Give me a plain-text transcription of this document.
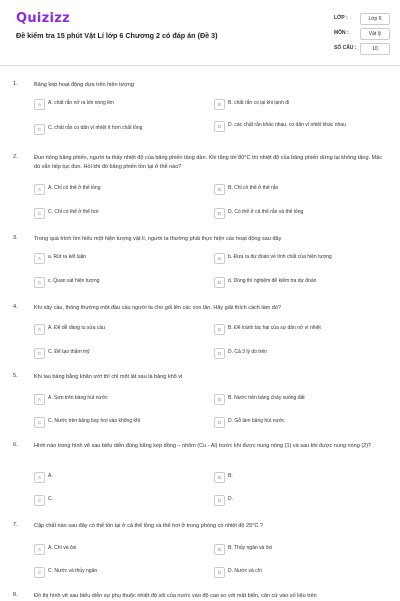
Quizizz
Đề kiểm tra 15 phút Vật Lí lớp 6 Chương 2 có đáp án (Đề 3)
LỚP :	Lớp 6
MÔN :	Vật lý
SỐ CÂU :	10
1.	Băng kép hoạt động dựa trên hiện tượng
A	A. chất rắn nở ra khi nóng lên	B	B. chất rắn co lại khi lạnh đi
C	C. chất rắn co dãn vì nhiệt ít hơn chất lỏng	D	D. các chất rắn khác nhau, co dãn vì nhiệt khác nhau
2.	Đun nóng băng phiến, người ta thấy nhiệt độ của băng phiến tăng dần. Khi tăng tới 80°C thì nhiệt độ của băng phiến dừng lại không tăng. Mặc dù vẫn tiếp tục đun. Hỏi khi đó băng phiến tồn tại ở thể nào?
A	A. Chỉ có thể ở thể lỏng	B	B. Chỉ có thể ở thể rắn
C	C. Chỉ có thể ở thể hơi	D	D. Có thể ở cả thể rắn và thể lỏng
3.	Trong quá trình tìm hiểu một hiện tượng vật lí, người ta thường phải thực hiện các hoạt động sau đây
A	a. Rút ra kết luận	B	b. Đưa ra dự đoán về tính chất của hiện tượng
C	c. Quan sát hiện tượng	D	d. Dùng thí nghiệm để kiểm tra dự đoán
4.	Khi xây cầu, thông thường một đầu cầu người ta cho gối lên các con lăn. Hãy giải thích cách làm đó?
A	A. Để dễ dàng tu sửa cầu	B	B. Để tránh tác hại của sự dãn nở vì nhiệt
C	C. Để tạo thẩm mỹ	D	D. Cả 3 lý do trên
5.	Khi lau bảng bằng khăn ướt thì chỉ một lát sau là bảng khô vì
A	A. Sơn trên bảng hút nước	B	B. Nước trên bảng chảy xuống đất
C	C. Nước trên bảng bay hơi vào không khí	D	D. Gỗ làm bảng hút nước
6.	Hình nào trong hình vẽ sau biểu diễn đúng băng kép đồng – nhôm (Cu - Al) trước khi được nung nóng (1) và sau khi được nung nóng (2)?
A	A.	B	B.
C	C.	D	D.
7.	Cặp chất nào sau đây có thể tồn tại ở cả thể lỏng và thể hơi ở trong phòng có nhiệt độ 25°C ?
A	A. Chì và ôxi	B	B. Thủy ngân và ôxi
C	C. Nước và thủy ngân	D	D. Nước và chì
8.	Đồ thị hình vẽ sau biểu diễn sự phụ thuộc nhiệt độ sôi của nước vào độ cao so với mặt biển, căn cứ vào số liệu trên
